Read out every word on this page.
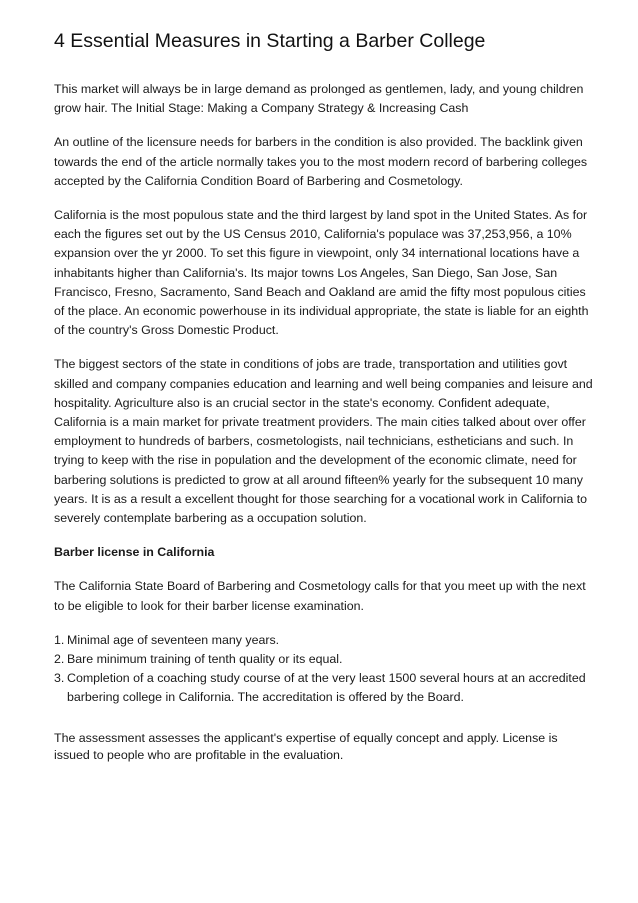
4 Essential Measures in Starting a Barber College

This market will always be in large demand as prolonged as gentlemen, lady, and young children grow hair. The Initial Stage: Making a Company Strategy & Increasing Cash

An outline of the licensure needs for barbers in the condition is also provided. The backlink given towards the end of the article normally takes you to the most modern record of barbering colleges accepted by the California Condition Board of Barbering and Cosmetology.

California is the most populous state and the third largest by land spot in the United States. As for each the figures set out by the US Census 2010, California's populace was 37,253,956, a 10% expansion over the yr 2000. To set this figure in viewpoint, only 34 international locations have a inhabitants higher than California's. Its major towns Los Angeles, San Diego, San Jose, San Francisco, Fresno, Sacramento, Sand Beach and Oakland are amid the fifty most populous cities of the place. An economic powerhouse in its individual appropriate, the state is liable for an eighth of the country's Gross Domestic Product.

The biggest sectors of the state in conditions of jobs are trade, transportation and utilities govt skilled and company companies education and learning and well being companies and leisure and hospitality. Agriculture also is an crucial sector in the state's economy. Confident adequate, California is a main market for private treatment providers. The main cities talked about over offer employment to hundreds of barbers, cosmetologists, nail technicians, estheticians and such. In trying to keep with the rise in population and the development of the economic climate, need for barbering solutions is predicted to grow at all around fifteen% yearly for the subsequent 10 many years. It is as a result a excellent thought for those searching for a vocational work in California to severely contemplate barbering as a occupation solution.

Barber license in California

The California State Board of Barbering and Cosmetology calls for that you meet up with the next to be eligible to look for their barber license examination.

1. Minimal age of seventeen many years.
2. Bare minimum training of tenth quality or its equal.
3. Completion of a coaching study course of at the very least 1500 several hours at an accredited barbering college in California. The accreditation is offered by the Board.

The assessment assesses the applicant's expertise of equally concept and apply. License is issued to people who are profitable in the evaluation.
